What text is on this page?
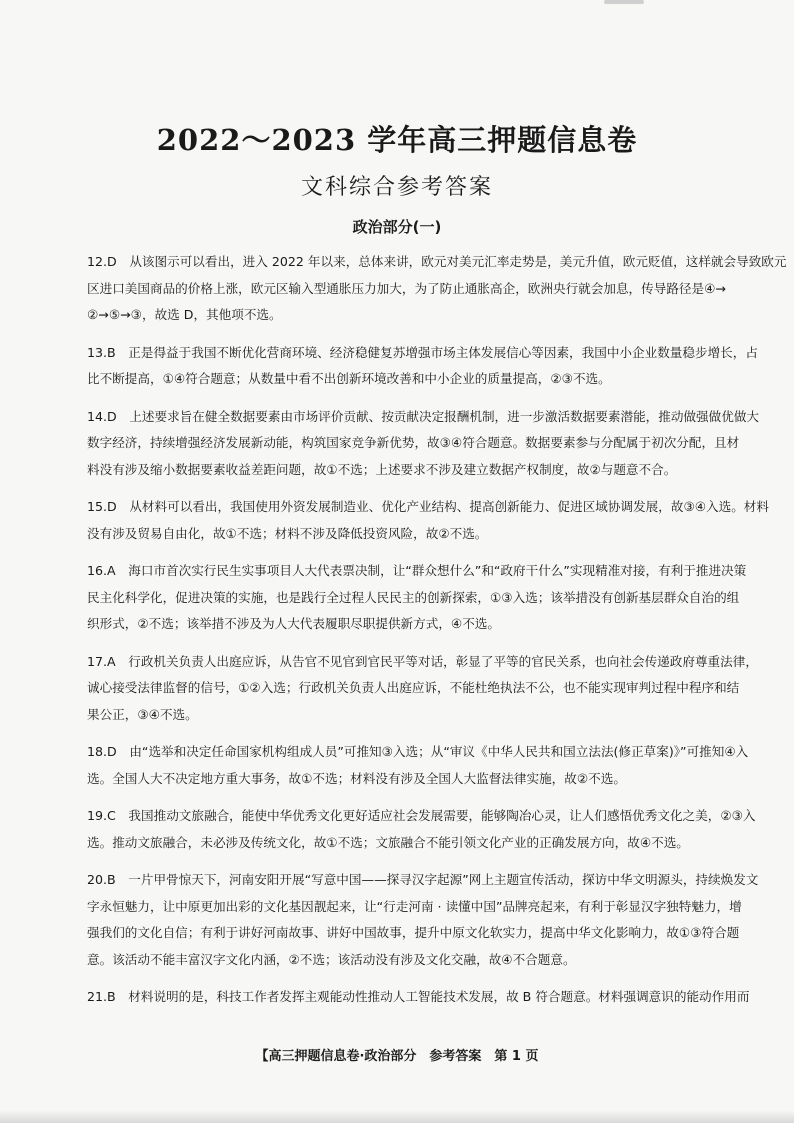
2022～2023 学年高三押题信息卷
文科综合参考答案
政治部分(一)
12.D　从该图示可以看出，进入 2022 年以来，总体来讲，欧元对美元汇率走势是，美元升值，欧元贬值，这样就会导致欧元
区进口美国商品的价格上涨，欧元区输入型通胀压力加大，为了防止通胀高企，欧洲央行就会加息，传导路径是④→
②→⑤→③，故选 D，其他项不选。
13.B　正是得益于我国不断优化营商环境、经济稳健复苏增强市场主体发展信心等因素，我国中小企业数量稳步增长，占
比不断提高，①④符合题意；从数量中看不出创新环境改善和中小企业的质量提高，②③不选。
14.D　上述要求旨在健全数据要素由市场评价贡献、按贡献决定报酬机制，进一步激活数据要素潜能，推动做强做优做大
数字经济，持续增强经济发展新动能，构筑国家竞争新优势，故③④符合题意。数据要素参与分配属于初次分配，且材
料没有涉及缩小数据要素收益差距问题，故①不选；上述要求不涉及建立数据产权制度，故②与题意不合。
15.D　从材料可以看出，我国使用外资发展制造业、优化产业结构、提高创新能力、促进区域协调发展，故③④入选。材料
没有涉及贸易自由化，故①不选；材料不涉及降低投资风险，故②不选。
16.A　海口市首次实行民生实事项目人大代表票决制，让“群众想什么”和“政府干什么”实现精准对接，有利于推进决策
民主化科学化，促进决策的实施，也是践行全过程人民民主的创新探索，①③入选；该举措没有创新基层群众自治的组
织形式，②不选；该举措不涉及为人大代表履职尽职提供新方式，④不选。
17.A　行政机关负责人出庭应诉，从告官不见官到官民平等对话，彰显了平等的官民关系，也向社会传递政府尊重法律，
诚心接受法律监督的信号，①②入选；行政机关负责人出庭应诉，不能杜绝执法不公，也不能实现审判过程中程序和结
果公正，③④不选。
18.D　由“选举和决定任命国家机构组成人员”可推知③入选；从“审议《中华人民共和国立法法(修正草案)》”可推知④入
选。全国人大不决定地方重大事务，故①不选；材料没有涉及全国人大监督法律实施，故②不选。
19.C　我国推动文旅融合，能使中华优秀文化更好适应社会发展需要，能够陶冶心灵，让人们感悟优秀文化之美，②③入
选。推动文旅融合，未必涉及传统文化，故①不选；文旅融合不能引领文化产业的正确发展方向，故④不选。
20.B　一片甲骨惊天下，河南安阳开展“写意中国——探寻汉字起源”网上主题宣传活动，探访中华文明源头，持续焕发文
字永恒魅力，让中原更加出彩的文化基因靓起来，让“行走河南 · 读懂中国”品牌亮起来，有利于彰显汉字独特魅力，增
强我们的文化自信；有利于讲好河南故事、讲好中国故事，提升中原文化软实力，提高中华文化影响力，故①③符合题
意。该活动不能丰富汉字文化内涵，②不选；该活动没有涉及文化交融，故④不合题意。
21.B　材料说明的是，科技工作者发挥主观能动性推动人工智能技术发展，故 B 符合题意。材料强调意识的能动作用而
【高三押题信息卷·政治部分　参考答案　第 1 页
